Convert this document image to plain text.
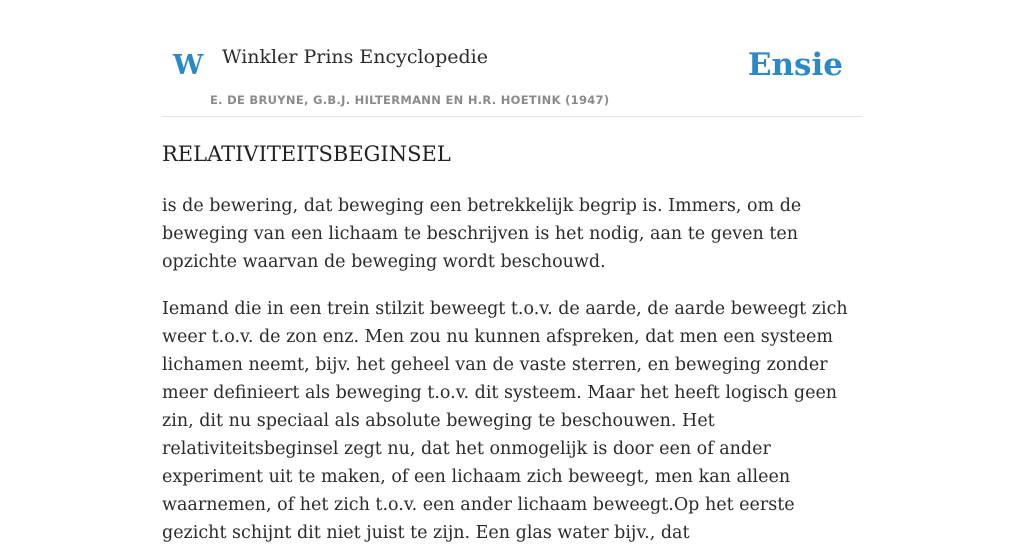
W Winkler Prins Encyclopedie	Ensie
E. DE BRUYNE, G.B.J. HILTERMANN EN H.R. HOETINK (1947)
RELATIVITEITSBEGINSEL

is de bewering, dat beweging een betrekkelijk begrip is. Immers, om de beweging van een lichaam te beschrijven is het nodig, aan te geven ten opzichte waarvan de beweging wordt beschouwd.

Iemand die in een trein stilzit beweegt t.o.v. de aarde, de aarde beweegt zich weer t.o.v. de zon enz. Men zou nu kunnen afspreken, dat men een systeem lichamen neemt, bijv. het geheel van de vaste sterren, en beweging zonder meer definieert als beweging t.o.v. dit systeem. Maar het heeft logisch geen zin, dit nu speciaal als absolute beweging te beschouwen. Het relativiteitsbeginsel zegt nu, dat het onmogelijk is door een of ander experiment uit te maken, of een lichaam zich beweegt, men kan alleen waarnemen, of het zich t.o.v. een ander lichaam beweegt.Op het eerste gezicht schijnt dit niet juist te zijn. Een glas water bijv., dat
